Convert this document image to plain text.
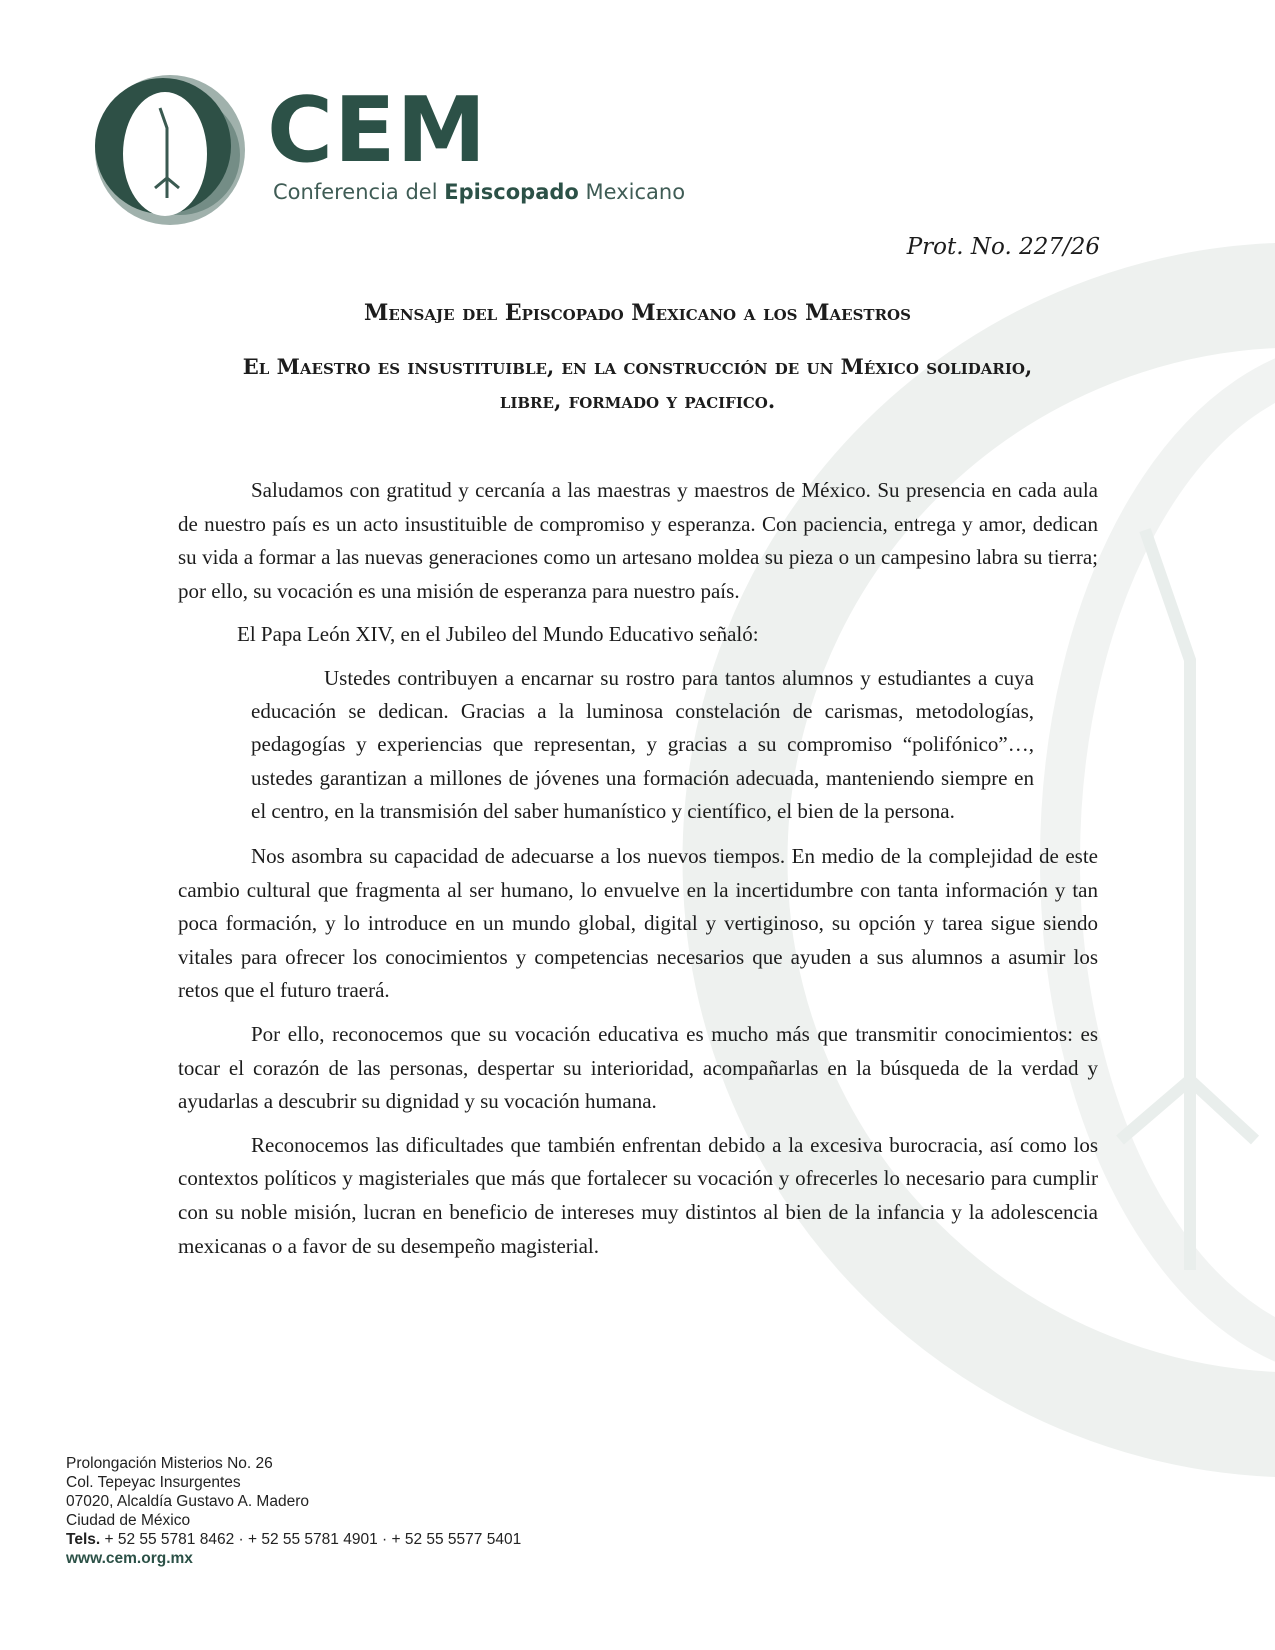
CEM
Conferencia del Episcopado Mexicano
Prot. No. 227/26
Mensaje del Episcopado Mexicano a los Maestros
El Maestro es insustituible, en la construcción de un México solidario,
libre, formado y pacifico.

Saludamos con gratitud y cercanía a las maestras y maestros de México. Su presencia en cada aula de nuestro país es un acto insustituible de compromiso y esperanza. Con paciencia, entrega y amor, dedican su vida a formar a las nuevas generaciones como un artesano moldea su pieza o un campesino labra su tierra; por ello, su vocación es una misión de esperanza para nuestro país.

El Papa León XIV, en el Jubileo del Mundo Educativo señaló:

Ustedes contribuyen a encarnar su rostro para tantos alumnos y estudiantes a cuya educación se dedican. Gracias a la luminosa constelación de carismas, metodologías, pedagogías y experiencias que representan, y gracias a su compromiso “polifónico”…, ustedes garantizan a millones de jóvenes una formación adecuada, manteniendo siempre en el centro, en la transmisión del saber humanístico y científico, el bien de la persona.

Nos asombra su capacidad de adecuarse a los nuevos tiempos. En medio de la complejidad de este cambio cultural que fragmenta al ser humano, lo envuelve en la incertidumbre con tanta información y tan poca formación, y lo introduce en un mundo global, digital y vertiginoso, su opción y tarea sigue siendo vitales para ofrecer los conocimientos y competencias necesarios que ayuden a sus alumnos a asumir los retos que el futuro traerá.

Por ello, reconocemos que su vocación educativa es mucho más que transmitir conocimientos: es tocar el corazón de las personas, despertar su interioridad, acompañarlas en la búsqueda de la verdad y ayudarlas a descubrir su dignidad y su vocación humana.

Reconocemos las dificultades que también enfrentan debido a la excesiva burocracia, así como los contextos políticos y magisteriales que más que fortalecer su vocación y ofrecerles lo necesario para cumplir con su noble misión, lucran en beneficio de intereses muy distintos al bien de la infancia y la adolescencia mexicanas o a favor de su desempeño magisterial.

Prolongación Misterios No. 26
Col. Tepeyac Insurgentes
07020, Alcaldía Gustavo A. Madero
Ciudad de México
Tels. + 52 55 5781 8462 · + 52 55 5781 4901 · + 52 55 5577 5401
www.cem.org.mx
